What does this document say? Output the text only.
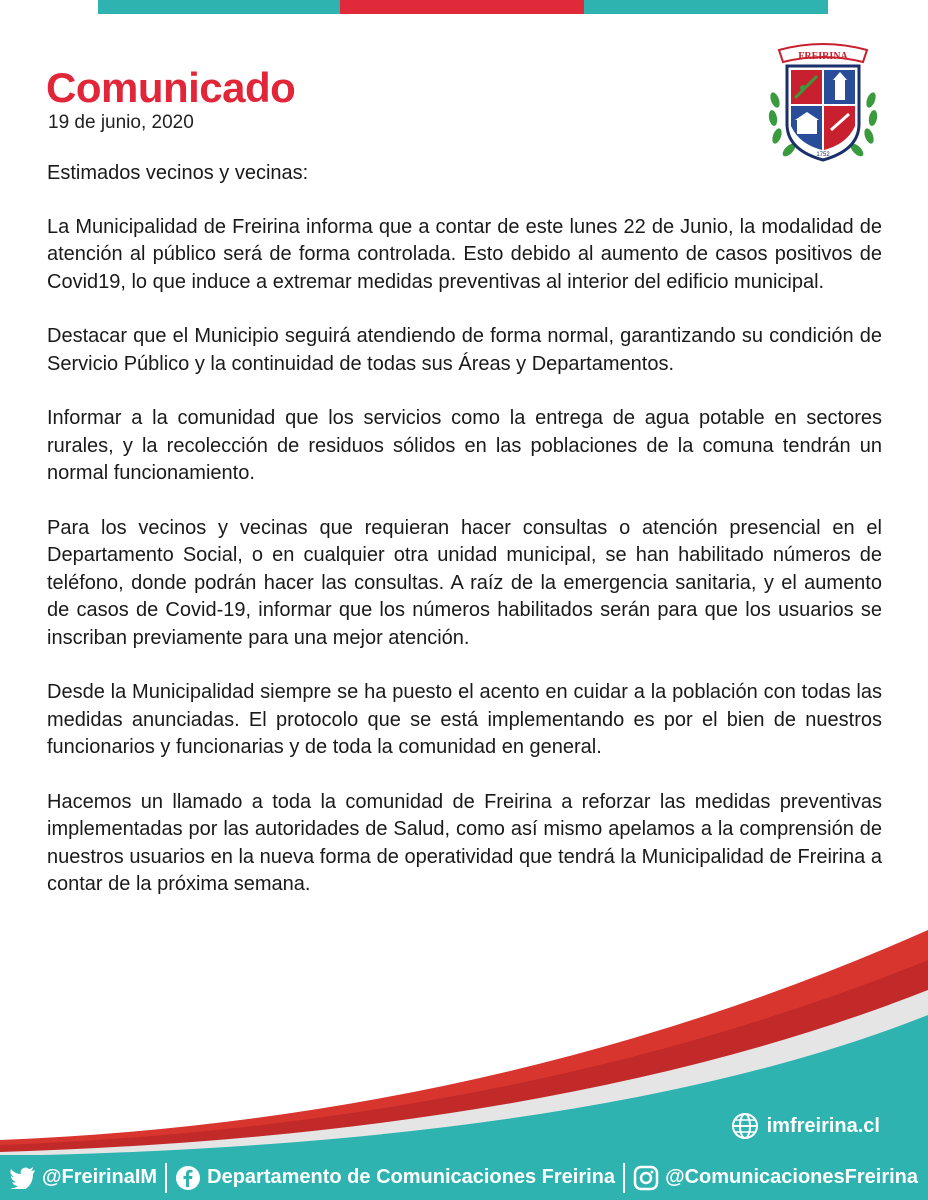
Comunicado
19 de junio, 2020
FREIRINA
1752

Estimados vecinos y vecinas:

La Municipalidad de Freirina informa que a contar de este lunes 22 de Junio, la modalidad de atención al público será de forma controlada. Esto debido al aumento de casos positivos de Covid19, lo que induce a extremar medidas preventivas al interior del edificio municipal.

Destacar que el Municipio seguirá atendiendo de forma normal, garantizando su condición de Servicio Público y la continuidad de todas sus Áreas y Departamentos.

Informar a la comunidad que los servicios como la entrega de agua potable en sectores rurales, y la recolección de residuos sólidos en las poblaciones de la comuna tendrán un normal funcionamiento.

Para los vecinos y vecinas que requieran hacer consultas o atención presencial en el Departamento Social, o en cualquier otra unidad municipal, se han habilitado números de teléfono, donde podrán hacer las consultas. A raíz de la emergencia sanitaria, y el aumento de casos de Covid-19, informar que los números habilitados serán para que los usuarios se inscriban previamente para una mejor atención.

Desde la Municipalidad siempre se ha puesto el acento en cuidar a la población con todas las medidas anunciadas. El protocolo que se está implementando es por el bien de nuestros funcionarios y funcionarias y de toda la comunidad en general.

Hacemos un llamado a toda la comunidad de Freirina a reforzar las medidas preventivas implementadas por las autoridades de Salud, como así mismo apelamos a la comprensión de nuestros usuarios en la nueva forma de operatividad que tendrá la Municipalidad de Freirina a contar de la próxima semana.

imfreirina.cl
@FreirinaIM	Departamento de Comunicaciones Freirina	@ComunicacionesFreirina
